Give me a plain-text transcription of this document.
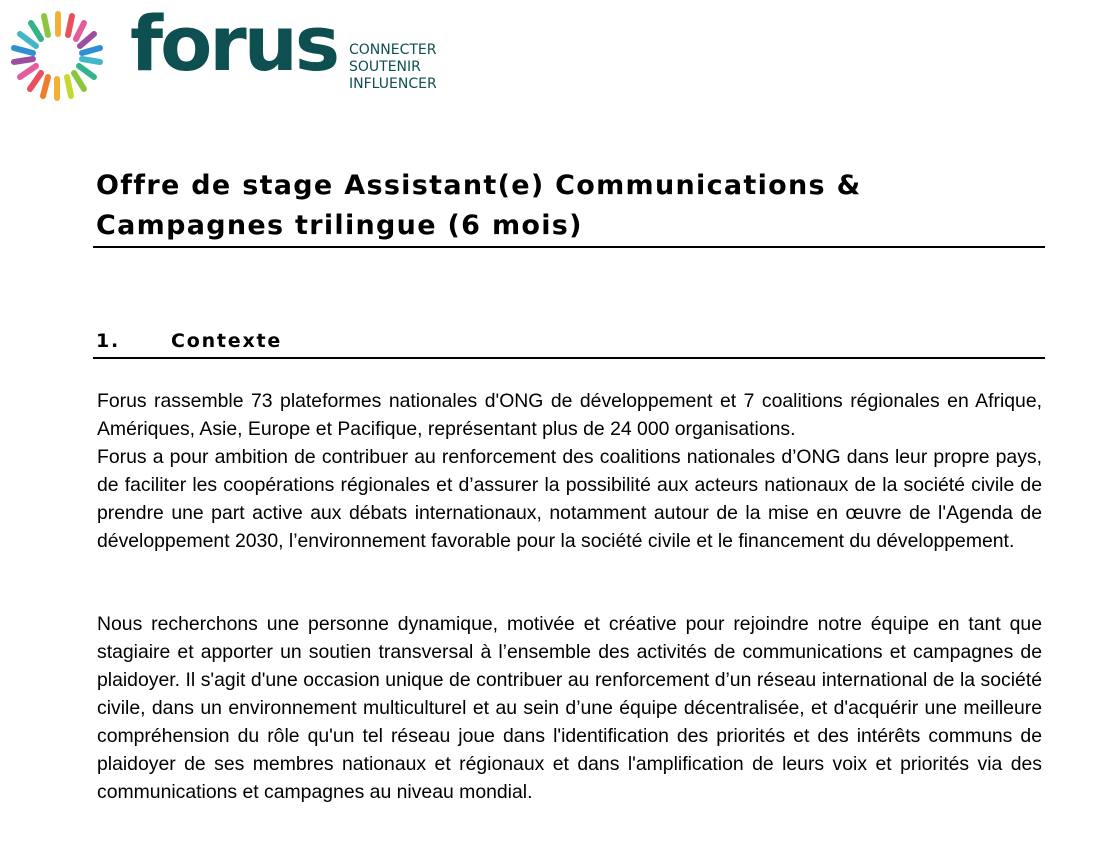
forus CONNECTER
SOUTENIR
INFLUENCER
Offre de stage Assistant(e) Communications & Campagnes trilingue (6 mois)
1.	Contexte

Forus rassemble 73 plateformes nationales d'ONG de développement et 7 coalitions régionales en Afrique, Amériques, Asie, Europe et Pacifique, représentant plus de 24 000 organisations.

Forus a pour ambition de contribuer au renforcement des coalitions nationales d’ONG dans leur propre pays, de faciliter les coopérations régionales et d’assurer la possibilité aux acteurs nationaux de la société civile de prendre une part active aux débats internationaux, notamment autour de la mise en œuvre de l'Agenda de développement 2030, l’environnement favorable pour la société civile et le financement du développement.

Nous recherchons une personne dynamique, motivée et créative pour rejoindre notre équipe en tant que stagiaire et apporter un soutien transversal à l’ensemble des activités de communications et campagnes de plaidoyer. Il s'agit d'une occasion unique de contribuer au renforcement d’un réseau international de la société civile, dans un environnement multiculturel et au sein d’une équipe décentralisée, et d'acquérir une meilleure compréhension du rôle qu'un tel réseau joue dans l'identification des priorités et des intérêts communs de plaidoyer de ses membres nationaux et régionaux et dans l'amplification de leurs voix et priorités via des communications et campagnes au niveau mondial.
